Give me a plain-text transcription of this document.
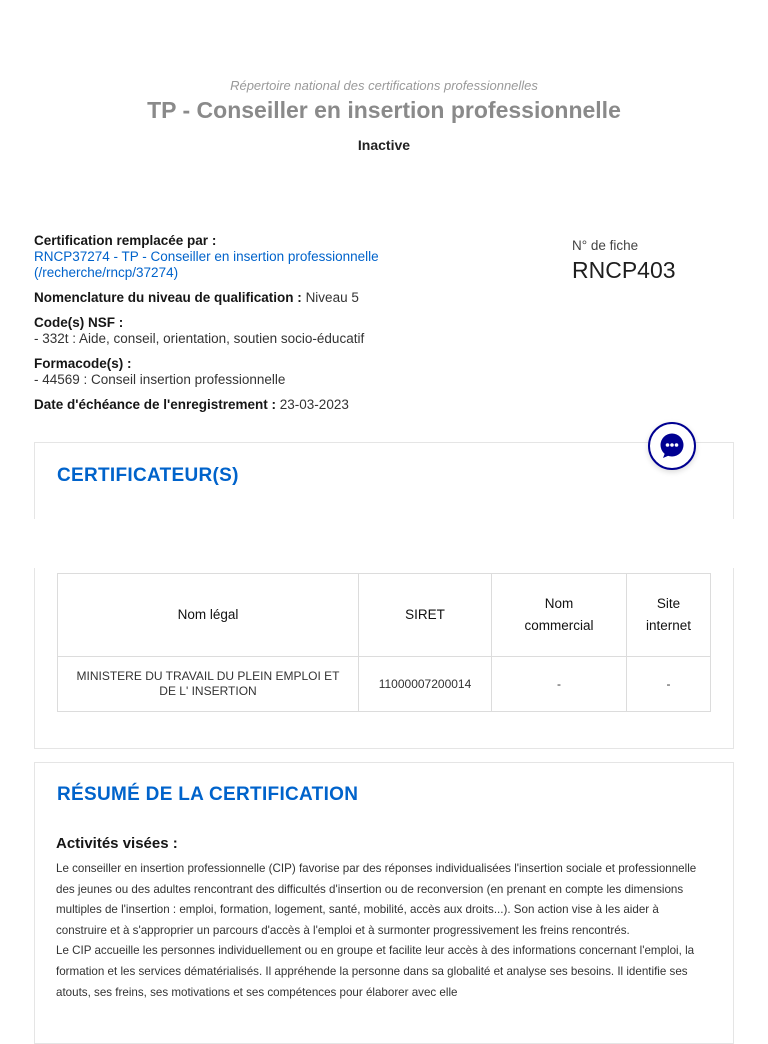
Répertoire national des certifications professionnelles
TP - Conseiller en insertion professionnelle
Inactive
Certification remplacée par :
RNCP37274 - TP - Conseiller en insertion professionnelle
(/recherche/rncp/37274)
Nomenclature du niveau de qualification : Niveau 5
Code(s) NSF :
- 332t : Aide, conseil, orientation, soutien socio-éducatif
Formacode(s) :
- 44569 : Conseil insertion professionnelle
Date d'échéance de l'enregistrement : 23-03-2023
N° de fiche
RNCP403
CERTIFICATEUR(S)
Nom légal	SIRET	Nom commercial	Site internet
MINISTERE DU TRAVAIL DU PLEIN EMPLOI ET DE L' INSERTION	11000007200014	-	-
RÉSUMÉ DE LA CERTIFICATION
Activités visées :

Le conseiller en insertion professionnelle (CIP) favorise par des réponses individualisées l'insertion sociale et professionnelle des jeunes ou des adultes rencontrant des difficultés d'insertion ou de reconversion (en prenant en compte les dimensions multiples de l'insertion : emploi, formation, logement, santé, mobilité, accès aux droits...). Son action vise à les aider à construire et à s'approprier un parcours d'accès à l'emploi et à surmonter progressivement les freins rencontrés.

Le CIP accueille les personnes individuellement ou en groupe et facilite leur accès à des informations concernant l'emploi, la formation et les services dématérialisés. Il appréhende la personne dans sa globalité et analyse ses besoins. Il identifie ses atouts, ses freins, ses motivations et ses compétences pour élaborer avec elle
